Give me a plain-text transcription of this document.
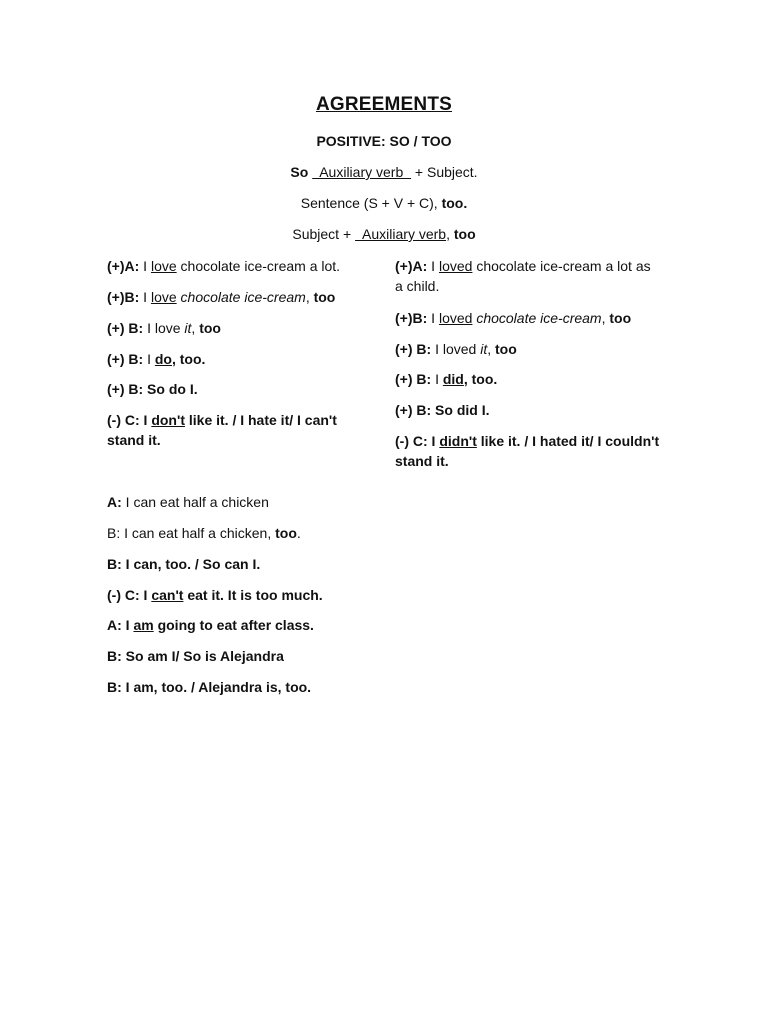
AGREEMENTS
POSITIVE: SO / TOO
So   Auxiliary verb   + Subject.
Sentence (S + V + C), too.
Subject +   Auxiliary verb, too

(+)A: I love chocolate ice-cream a lot.

(+)B: I love chocolate ice-cream, too

(+) B: I love it, too

(+) B: I do, too.

(+) B: So do I.

(-) C: I don't like it. / I hate it/ I can't stand it.

(+)A: I loved chocolate ice-cream a lot as a child.

(+)B: I loved chocolate ice-cream, too

(+) B: I loved it, too

(+) B: I did, too.

(+) B: So did I.

(-) C: I didn't like it. / I hated it/ I couldn't stand it.

A: I can eat half a chicken

B: I can eat half a chicken, too.

B: I can, too. / So can I.

(-) C: I can't eat it. It is too much.

A: I am going to eat after class.

B: So am I/ So is Alejandra

B: I am, too. / Alejandra is, too.
